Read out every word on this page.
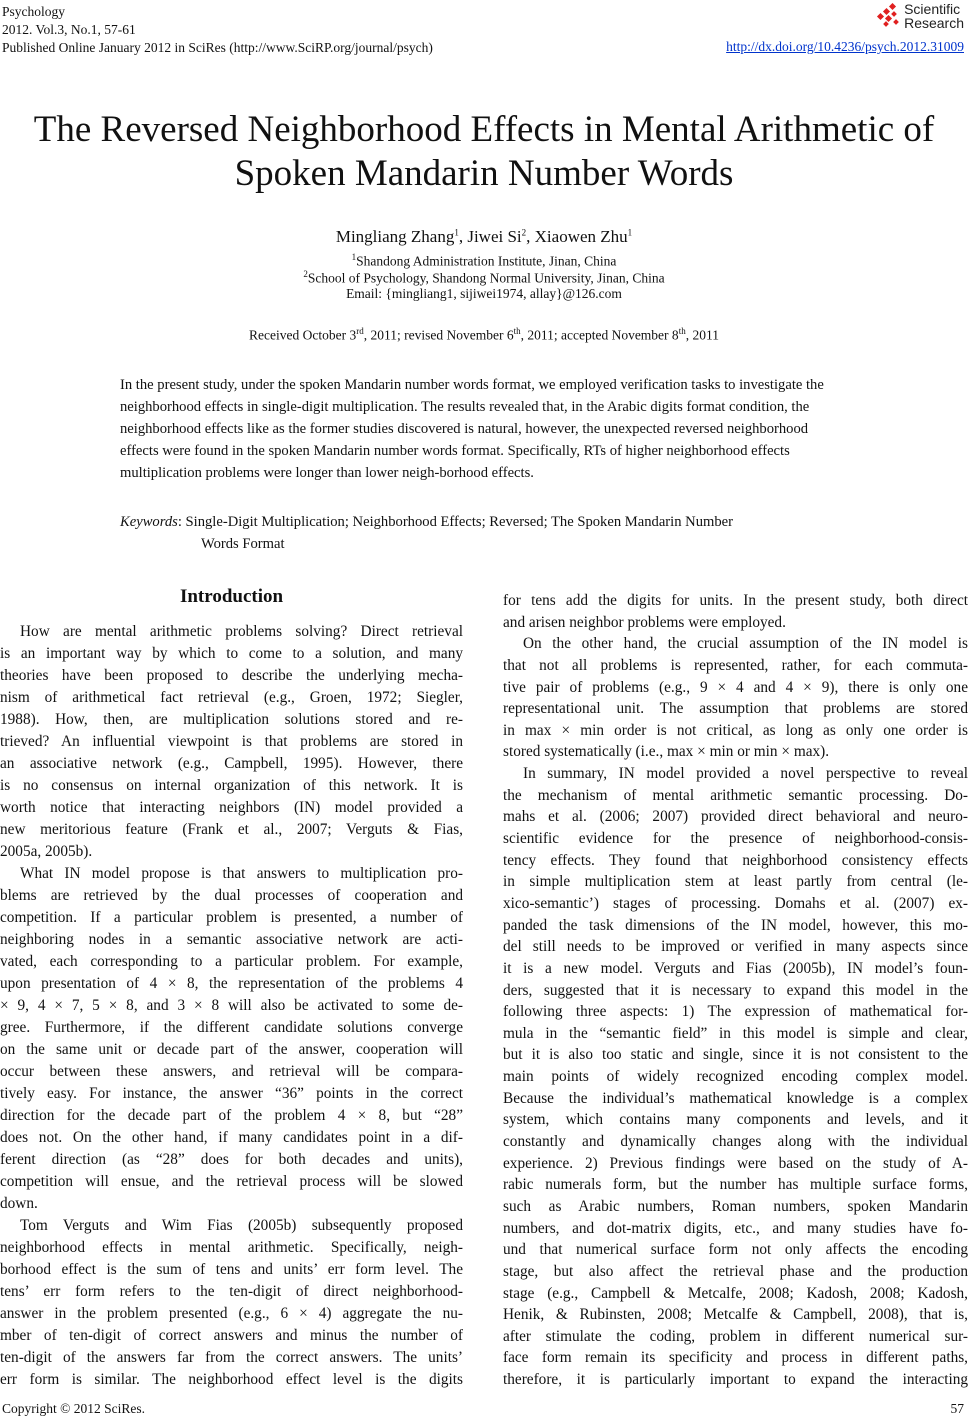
Psychology
2012. Vol.3, No.1, 57-61
Published Online January 2012 in SciRes (http://www.SciRP.org/journal/psych)
Scientific
Research
http://dx.doi.org/10.4236/psych.2012.31009
The Reversed Neighborhood Effects in Mental Arithmetic of
Spoken Mandarin Number Words
Mingliang Zhang$^1$, Jiwei Si$^2$, Xiaowen Zhu$^1$
$^1$Shandong Administration Institute, Jinan, China
$^2$School of Psychology, Shandong Normal University, Jinan, China
Email: {mingliang1, sijiwei1974, allay}@126.com
Received October 3rd, 2011; revised November 6th, 2011; accepted November 8th, 2011
In the present study, under the spoken Mandarin number words format, we employed verification tasks to investigate the neighborhood effects in single-digit multiplication. The results revealed that, in the Arabic digits format condition, the neighborhood effects like as the former studies discovered is natural, however, the unexpected reversed neighborhood effects were found in the spoken Mandarin number words format. Specifically, RTs of higher neighborhood effects multiplication problems were longer than lower neigh-borhood effects.
Keywords: Single-Digit Multiplication; Neighborhood Effects; Reversed; The Spoken Mandarin Number
Words Format
Introduction
How are mental arithmetic problems solving? Direct retrieval
is an important way by which to come to a solution, and many
theories have been proposed to describe the underlying mecha-
nism of arithmetical fact retrieval (e.g., Groen, 1972; Siegler,
1988). How, then, are multiplication solutions stored and re-
trieved? An influential viewpoint is that problems are stored in
an associative network (e.g., Campbell, 1995). However, there
is no consensus on internal organization of this network. It is
worth notice that interacting neighbors (IN) model provided a
new meritorious feature (Frank et al., 2007; Verguts & Fias,
2005a, 2005b).
What IN model propose is that answers to multiplication pro-
blems are retrieved by the dual processes of cooperation and
competition. If a particular problem is presented, a number of
neighboring nodes in a semantic associative network are acti-
vated, each corresponding to a particular problem. For example,
upon presentation of 4 × 8, the representation of the problems 4
× 9, 4 × 7, 5 × 8, and 3 × 8 will also be activated to some de-
gree. Furthermore, if the different candidate solutions converge
on the same unit or decade part of the answer, cooperation will
occur between these answers, and retrieval will be compara-
tively easy. For instance, the answer “36” points in the correct
direction for the decade part of the problem 4 × 8, but “28”
does not. On the other hand, if many candidates point in a dif-
ferent direction (as “28” does for both decades and units),
competition will ensue, and the retrieval process will be slowed
down.
Tom Verguts and Wim Fias (2005b) subsequently proposed
neighborhood effects in mental arithmetic. Specifically, neigh-
borhood effect is the sum of tens and units’ err form level. The
tens’ err form refers to the ten-digit of direct neighborhood-
answer in the problem presented (e.g., 6 × 4) aggregate the nu-
mber of ten-digit of correct answers and minus the number of
ten-digit of the answers far from the correct answers. The units’
err form is similar. The neighborhood effect level is the digits
for tens add the digits for units. In the present study, both direct
and arisen neighbor problems were employed.
On the other hand, the crucial assumption of the IN model is
that not all problems is represented, rather, for each commuta-
tive pair of problems (e.g., 9 × 4 and 4 × 9), there is only one
representational unit. The assumption that problems are stored
in max × min order is not critical, as long as only one order is
stored systematically (i.e., max × min or min × max).
In summary, IN model provided a novel perspective to reveal
the mechanism of mental arithmetic semantic processing. Do-
mahs et al. (2006; 2007) provided direct behavioral and neuro-
scientific evidence for the presence of neighborhood-consis-
tency effects. They found that neighborhood consistency effects
in simple multiplication stem at least partly from central (le-
xico-semantic’) stages of processing. Domahs et al. (2007) ex-
panded the task dimensions of the IN model, however, this mo-
del still needs to be improved or verified in many aspects since
it is a new model. Verguts and Fias (2005b), IN model’s foun-
ders, suggested that it is necessary to expand this model in the
following three aspects: 1) The expression of mathematical for-
mula in the “semantic field” in this model is simple and clear,
but it is also too static and single, since it is not consistent to the
main points of widely recognized encoding complex model.
Because the individual’s mathematical knowledge is a complex
system, which contains many components and levels, and it
constantly and dynamically changes along with the individual
experience. 2) Previous findings were based on the study of A-
rabic numerals form, but the number has multiple surface forms,
such as Arabic numbers, Roman numbers, spoken Mandarin
numbers, and dot-matrix digits, etc., and many studies have fo-
und that numerical surface form not only affects the encoding
stage, but also affect the retrieval phase and the production
stage (e.g., Campbell & Metcalfe, 2008; Kadosh, 2008; Kadosh,
Henik, & Rubinsten, 2008; Metcalfe & Campbell, 2008), that is,
after stimulate the coding, problem in different numerical sur-
face form remain its specificity and process in different paths,
therefore, it is particularly important to expand the interacting
Copyright © 2012 SciRes.	57
